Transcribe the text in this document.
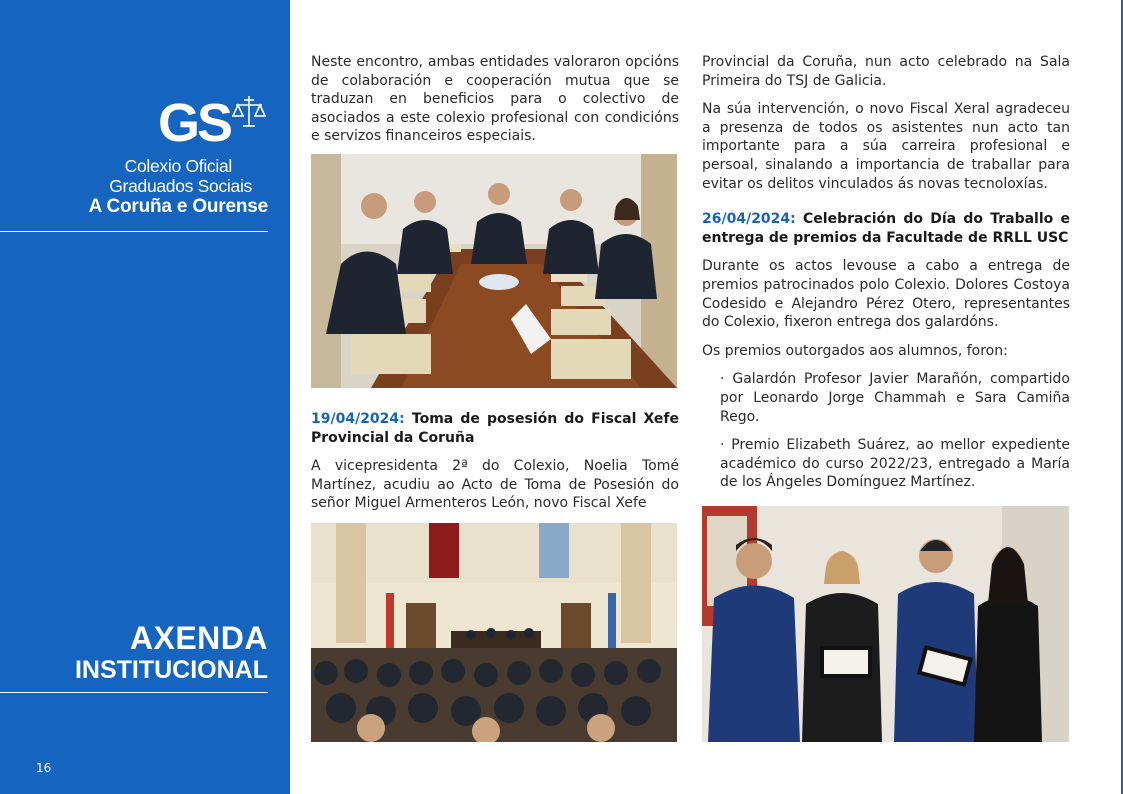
GS
Colexio Oficial
Graduados Sociais
A Coruña e Ourense
AXENDA
INSTITUCIONAL
16

Neste encontro, ambas entidades valoraron opcións de colaboración e cooperación mutua que se traduzan en beneficios para o colectivo de asociados a este colexio profesional con condicións e servizos financeiros especiais.

19/04/2024: Toma de posesión do Fiscal Xefe Provincial da Coruña

A vicepresidenta 2ª do Colexio, Noelia Tomé Martínez, acudiu ao Acto de Toma de Posesión do señor Miguel Armenteros León, novo Fiscal Xefe

Provincial da Coruña, nun acto celebrado na Sala Primeira do TSJ de Galicia.

Na súa intervención, o novo Fiscal Xeral agradeceu a presenza de todos os asistentes nun acto tan importante para a súa carreira profesional e persoal, sinalando a importancia de traballar para evitar os delitos vinculados ás novas tecnoloxías.

26/04/2024: Celebración do Día do Traballo e entrega de premios da Facultade de RRLL USC

Durante os actos levouse a cabo a entrega de premios patrocinados polo Colexio. Dolores Costoya Codesido e Alejandro Pérez Otero, representantes do Colexio, fixeron entrega dos galardóns.

Os premios outorgados aos alumnos, foron:

· Galardón Profesor Javier Marañón, compartido por Leonardo Jorge Chammah e Sara Camiña Rego.

· Premio Elizabeth Suárez, ao mellor expediente académico do curso 2022/23, entregado a María de los Ángeles Domínguez Martínez.
